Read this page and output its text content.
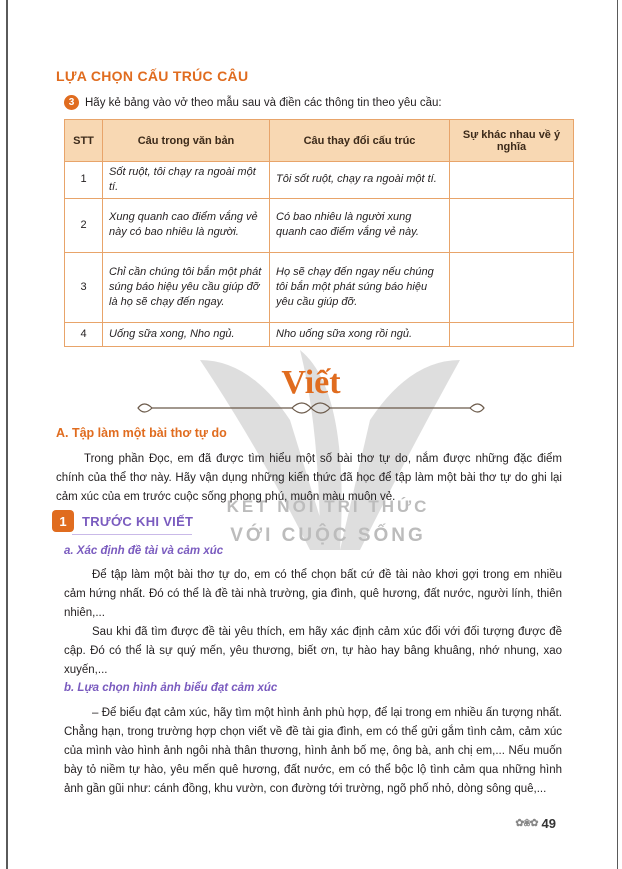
KẾT NỐI TRI THỨC
VỚI CUỘC SỐNG
LỰA CHỌN CẤU TRÚC CÂU
3 Hãy kẻ bảng vào vở theo mẫu sau và điền các thông tin theo yêu cầu:
STT	Câu trong văn bản	Câu thay đổi cấu trúc	Sự khác nhau về ý nghĩa
1	Sốt ruột, tôi chạy ra ngoài một tí.	Tôi sốt ruột, chạy ra ngoài một tí.	
2	Xung quanh cao điểm vắng vẻ này có bao nhiêu là người.	Có bao nhiêu là người xung quanh cao điểm vắng vẻ này.	
3	Chỉ cần chúng tôi bắn một phát súng báo hiệu yêu cầu giúp đỡ là họ sẽ chạy đến ngay.	Họ sẽ chạy đến ngay nếu chúng tôi bắn một phát súng báo hiệu yêu cầu giúp đỡ.	
4	Uống sữa xong, Nho ngủ.	Nho uống sữa xong rồi ngủ.	
Viết
A. Tập làm một bài thơ tự do
Trong phần Đọc, em đã được tìm hiểu một số bài thơ tự do, nắm được những đặc điểm chính của thể thơ này. Hãy vận dụng những kiến thức đã học để tập làm một bài thơ tự do ghi lại cảm xúc của em trước cuộc sống phong phú, muôn màu muôn vẻ.
1	TRƯỚC KHI VIẾT
a. Xác định đề tài và cảm xúc
Để tập làm một bài thơ tự do, em có thể chọn bất cứ đề tài nào khơi gợi trong em nhiều cảm hứng nhất. Đó có thể là đề tài nhà trường, gia đình, quê hương, đất nước, người lính, thiên nhiên,...
Sau khi đã tìm được đề tài yêu thích, em hãy xác định cảm xúc đối với đối tượng được đề cập. Đó có thể là sự quý mến, yêu thương, biết ơn, tự hào hay bâng khuâng, nhớ nhung, xao xuyến,...
b. Lựa chọn hình ảnh biểu đạt cảm xúc
– Để biểu đạt cảm xúc, hãy tìm một hình ảnh phù hợp, để lại trong em nhiều ấn tượng nhất. Chẳng hạn, trong trường hợp chọn viết về đề tài gia đình, em có thể gửi gắm tình cảm, cảm xúc của mình vào hình ảnh ngôi nhà thân thương, hình ảnh bố mẹ, ông bà, anh chị em,... Nếu muốn bày tỏ niềm tự hào, yêu mến quê hương, đất nước, em có thể bộc lộ tình cảm qua những hình ảnh gần gũi như: cánh đồng, khu vườn, con đường tới trường, ngõ phố nhỏ, dòng sông quê,...
✿❀✿ 49
